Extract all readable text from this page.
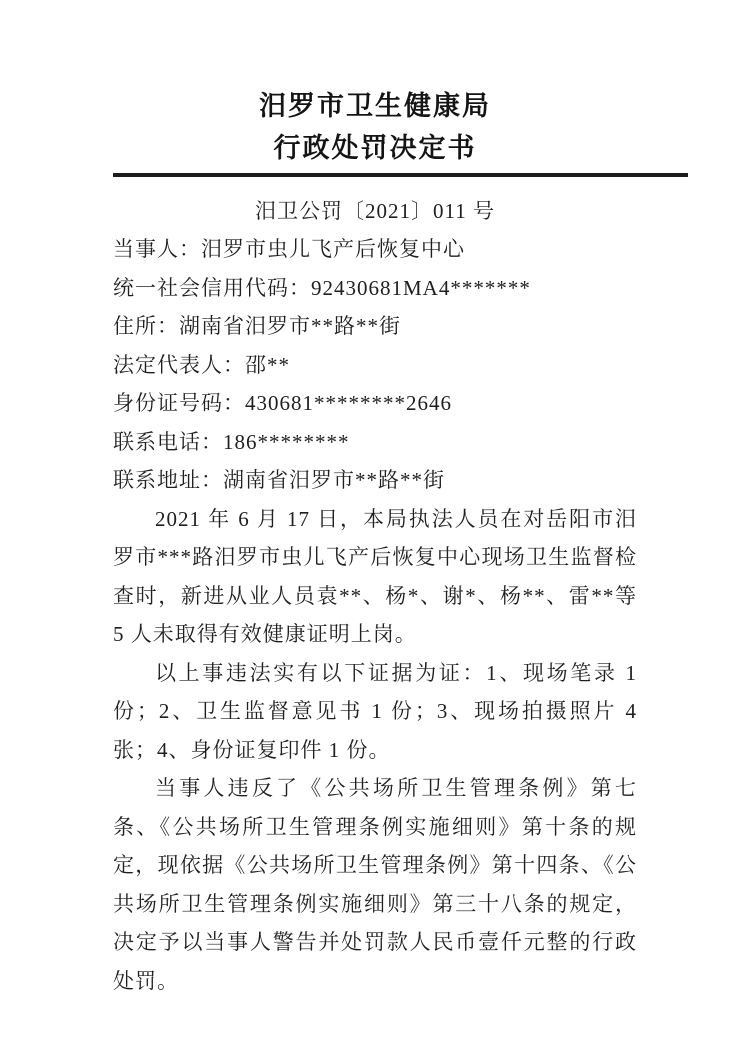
汨罗市卫生健康局
行政处罚决定书
汨卫公罚〔2021〕011 号
当事人：汨罗市虫儿飞产后恢复中心
统一社会信用代码：92430681MA4*******
住所：湖南省汨罗市**路**街
法定代表人：邵**
身份证号码：430681********2646
联系电话：186********
联系地址：湖南省汨罗市**路**街

2021 年 6 月 17 日，本局执法人员在对岳阳市汨罗市***路汨罗市虫儿飞产后恢复中心现场卫生监督检查时，新进从业人员袁**、杨*、谢*、杨**、雷**等 5 人未取得有效健康证明上岗。

以上事违法实有以下证据为证：1、现场笔录 1 份；2、卫生监督意见书 1 份；3、现场拍摄照片 4 张；4、身份证复印件 1 份。

当事人违反了《公共场所卫生管理条例》第七条、《公共场所卫生管理条例实施细则》第十条的规定，现依据《公共场所卫生管理条例》第十四条、《公共场所卫生管理条例实施细则》第三十八条的规定，决定予以当事人警告并处罚款人民币壹仟元整的行政处罚。
